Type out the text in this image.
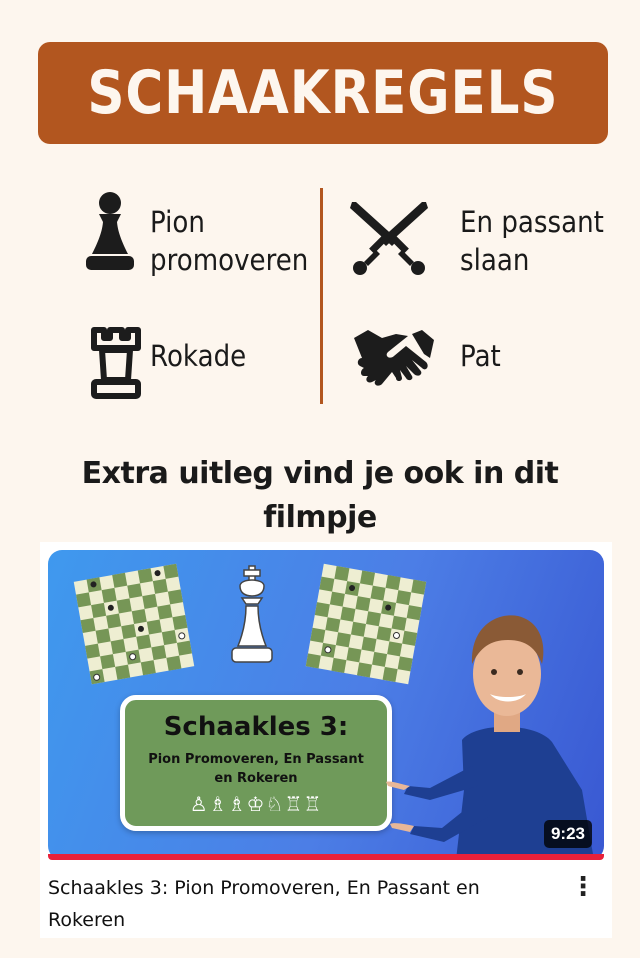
SCHAAKREGELS
Pion
promoveren
En passant
slaan
Rokade	Pat
Extra uitleg vind je ook in dit
filmpje
Schaakles 3:
Pion Promoveren, En Passant
en Rokeren
♙♗♗♔♘♖♖
9:23
Schaakles 3: Pion Promoveren, En Passant en Rokeren
⋮
